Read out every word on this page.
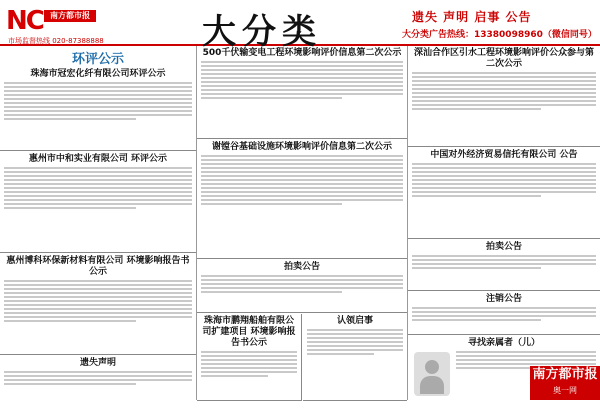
NC 南方都市报
市场监督热线 020-87388888	大分类	遗失 声明 启事 公告
大分类广告热线：13380098960（微信同号）
环评公示
珠海市冠宏化纤有限公司环评公示
惠州市中和实业有限公司 环评公示
惠州博科环保新材料有限公司 环境影响报告书公示
遗失声明
500千伏输变电工程环境影响评价信息第二次公示
谢镗谷基础设施环境影响评价信息第二次公示
拍卖公告
珠海市鹏翔船舶有限公司扩建项目 环境影响报告书公示
认领启事
深汕合作区引水工程环境影响评价公众参与第二次公示
中国对外经济贸易信托有限公司 公告
拍卖公告
注销公告
寻找亲属者（儿）
南方都市报
奥一网 oeeee.com
